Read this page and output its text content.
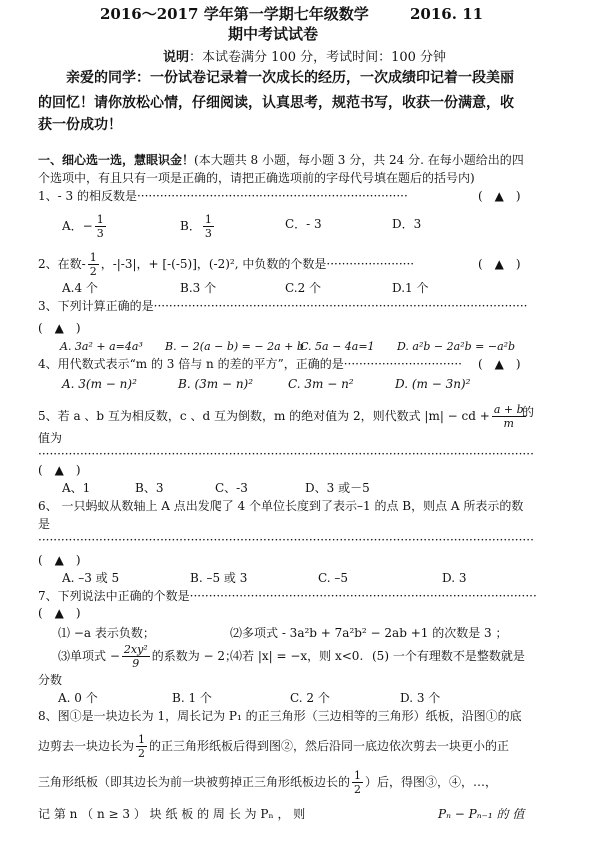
2016～2017 学年第一学期七年级数学	2016. 11
期中考试试卷
说明：本试卷满分 100 分，考试时间：100 分钟
亲爱的同学：一份试卷记录着一次成长的经历，一次成绩印记着一段美丽
的回忆！请你放松心情，仔细阅读，认真思考，规范书写，收获一份满意，收
获一份成功！
一、细心选一选，慧眼识金！(本大题共 8 小题，每小题 3 分，共 24 分. 在每小题给出的四
个选项中，有且只有一项是正确的，请把正确选项前的字母代号填在题后的括号内)
1、- 3 的相反数是·······································································	(　▲　)
A．− $\frac{1}{3}$	B． $\frac{1}{3}$	C．- 3	D．3
2、在数- $\frac{1}{2}$ ，-|-3|，+ [-(-5)]，(-2)², 中负数的个数是·······················	(　▲　)
A.4 个	B.3 个	C.2 个	D.1 个
3、下列计算正确的是··································································································
(　▲　)
A. 3a² + a=4a³ B. − 2(a − b) = − 2a + b
C. 5a − 4a=1 D. a²b − 2a²b = −a²b
4、用代数式表示“m 的 3 倍与 n 的差的平方”，正确的是······························· (　▲　)
A. 3(m − n)²	B. (3m − n)²	C. 3m − n²	D. (m − 3n)²
5、若 a 、b 互为相反数，c 、d 互为倒数，m 的绝对值为 2，则代数式 |m| − cd + $\frac{a + b}{m}$
的
值为
··································································································································
(　▲　)
A、1	B、3	C、-3	D、3 或－5
6、 一只蚂蚁从数轴上 A 点出发爬了 4 个单位长度到了表示–1 的点 B，则点 A 所表示的数
是
··································································································································
(　▲　)
A. –3 或 5	B. –5 或 3	C. –5	D. 3
7、下列说法中正确的个数是···························································································
(　▲　)
⑴ −a 表示负数；	⑵多项式 - 3a²b + 7a²b² − 2ab +1 的次数是 3 ；
⑶单项式 − $\frac{\text{2xy²}}{9}$ 的系数为 − 2；
⑷若 |x| = −x，则 x<0. (5) 一个有理数不是整数就是
分数
A. 0 个	B. 1 个	C. 2 个	D. 3 个
8、图①是一块边长为 1，周长记为 P₁ 的正三角形（三边相等的三角形）纸板，沿图①的底
边剪去一块边长为 $\frac{1}{2}$ 的正三角形纸板后得到图②，然后沿同一底边依次剪去一块更小的正
三角形纸板（即其边长为前一块被剪掉正三角形纸板边长的 $\frac{1}{2}$ ）后，得图③，④，…，
记 第 n （ n ≥ 3 ） 块 纸 板 的 周 长 为 Pₙ ， 则	Pₙ − Pₙ₋₁ 的 值
